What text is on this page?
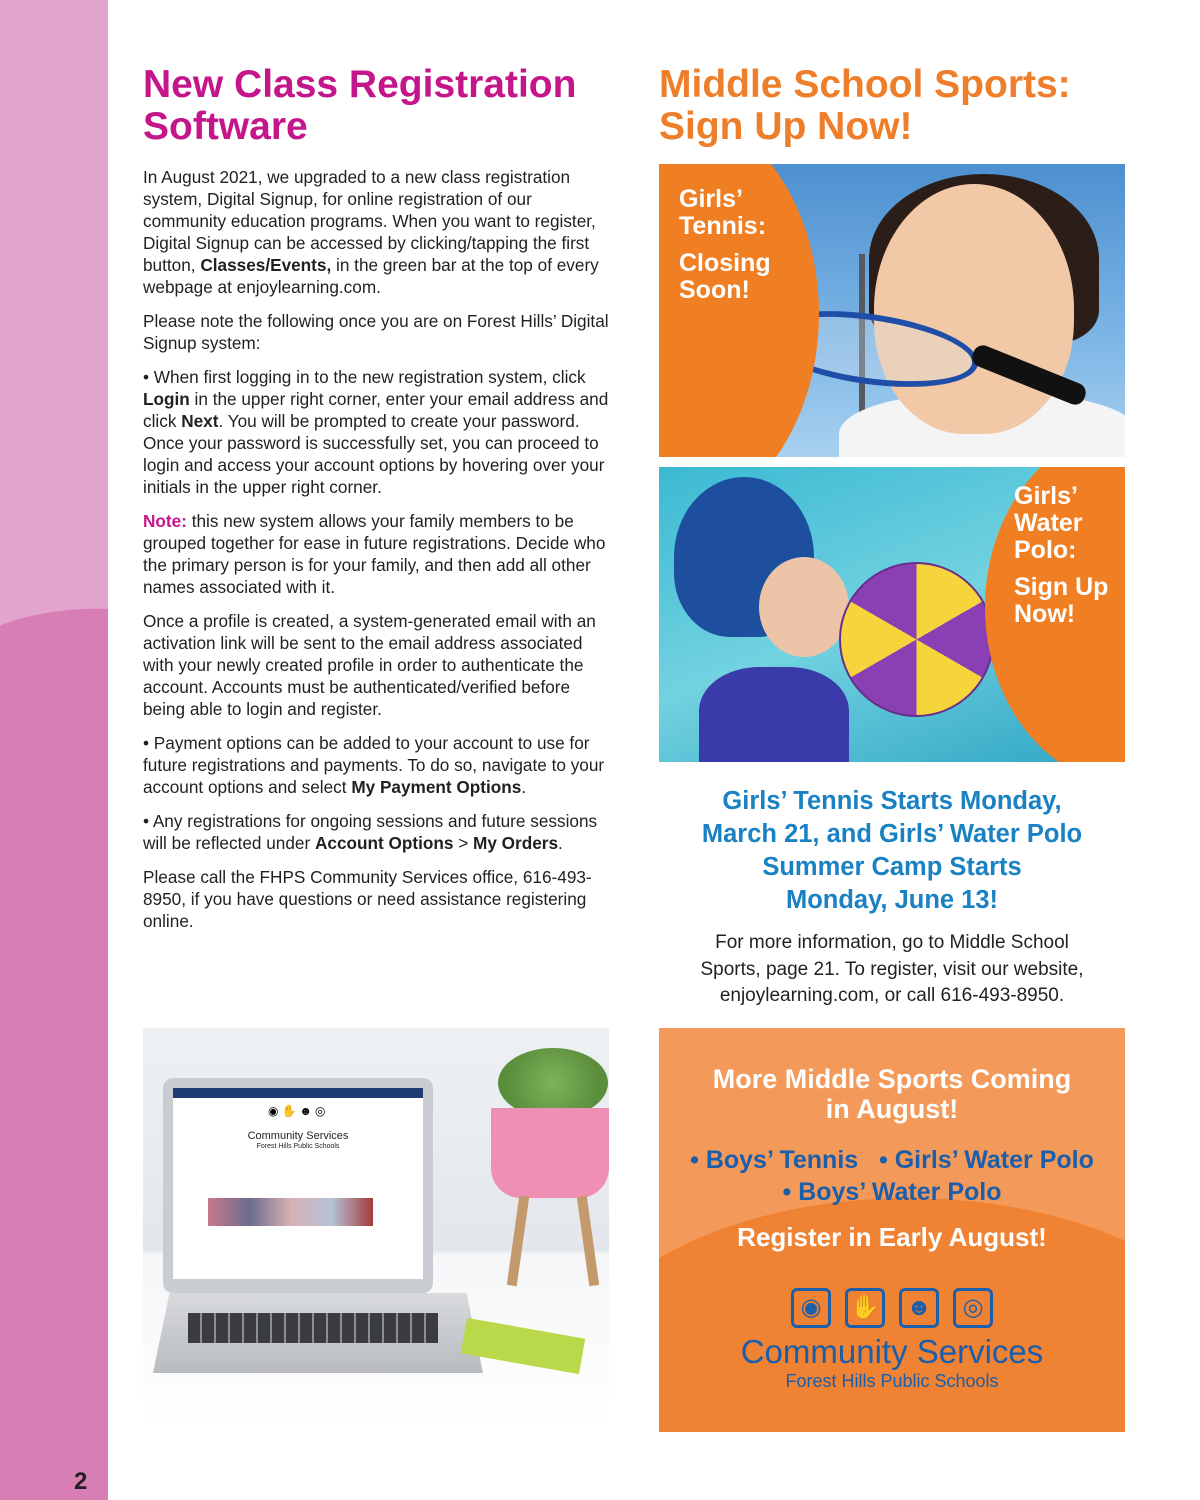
2
New Class Registration
Software

In August 2021, we upgraded to a new class registration system, Digital Signup, for online registration of our community education programs. When you want to register, Digital Signup can be accessed by clicking/tapping the first button, Classes/Events, in the green bar at the top of every webpage at enjoylearning.com.

Please note the following once you are on Forest Hills’ Digital Signup system:

• When first logging in to the new registration system, click Login in the upper right corner, enter your email address and click Next. You will be prompted to create your password. Once your password is successfully set, you can proceed to login and access your account options by hovering over your initials in the upper right corner.

Note: this new system allows your family members to be grouped together for ease in future registrations. Decide who the primary person is for your family, and then add all other names associated with it.

Once a profile is created, a system-generated email with an activation link will be sent to the email address associated with your newly created profile in order to authenticate the account. Accounts must be authenticated/verified before being able to login and register.

• Payment options can be added to your account to use for future registrations and payments. To do so, navigate to your account options and select My Payment Options.

• Any registrations for ongoing sessions and future sessions will be reflected under Account Options > My Orders.

Please call the FHPS Community Services office, 616-493-8950, if you have questions or need assistance registering online.

◉✋☻◎
Community Services
Forest Hills Public Schools
Middle School Sports:
Sign Up Now!
Girls’
Tennis:
Closing
Soon!
Girls’
Water
Polo:
Sign Up
Now!
Girls’ Tennis Starts Monday,
March 21, and Girls’ Water Polo
Summer Camp Starts
Monday, June 13!
For more information, go to Middle School
Sports, page 21. To register, visit our website,
enjoylearning.com, or call 616-493-8950.
More Middle Sports Coming
in August!
• Boys’ Tennis • Girls’ Water Polo
• Boys’ Water Polo
Register in Early August!
◉	✋	☻	◎
Community Services
Forest Hills Public Schools
